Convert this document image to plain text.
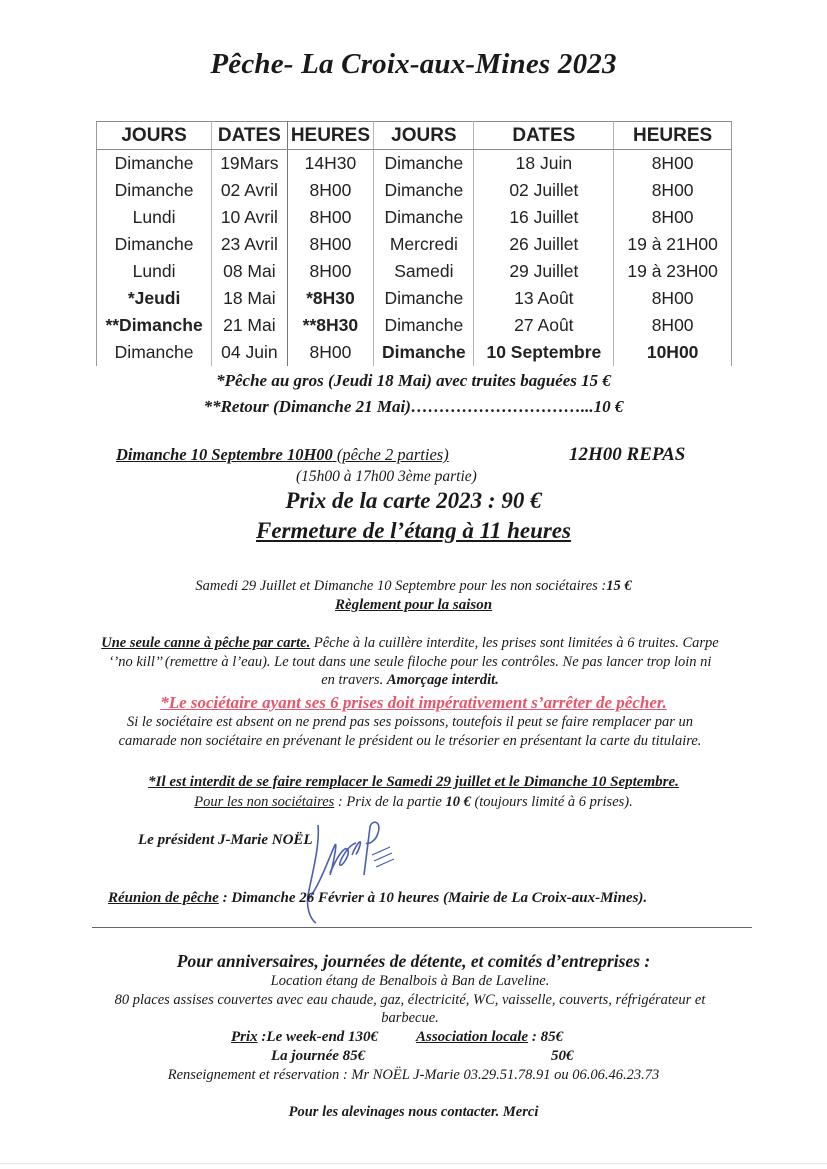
Pêche- La Croix-aux-Mines 2023
JOURS	DATES	HEURES	JOURS	DATES	HEURES
Dimanche	19Mars	14H30	Dimanche	18 Juin	8H00
Dimanche	02 Avril	8H00	Dimanche	02 Juillet	8H00
Lundi	10 Avril	8H00	Dimanche	16 Juillet	8H00
Dimanche	23 Avril	8H00	Mercredi	26 Juillet	19 à 21H00
Lundi	08 Mai	8H00	Samedi	29 Juillet	19 à 23H00
*Jeudi	18 Mai	*8H30	Dimanche	13 Août	8H00
**Dimanche	21 Mai	**8H30	Dimanche	27 Août	8H00
Dimanche	04 Juin	8H00	Dimanche	10 Septembre	10H00
*Pêche au gros (Jeudi 18 Mai) avec truites baguées 15 €
**Retour (Dimanche 21 Mai)…………………………...10 €
Dimanche 10 Septembre 10H00 (pêche 2 parties)	12H00 REPAS
(15h00 à 17h00 3ème partie)
Prix de la carte 2023 : 90 €
Fermeture de l’étang à 11 heures
Samedi 29 Juillet et Dimanche 10 Septembre pour les non sociétaires :15 €
Règlement pour la saison
Une seule canne à pêche par carte. Pêche à la cuillère interdite, les prises sont limitées à 6 truites. Carpe ‘’no kill’’ (remettre à l’eau). Le tout dans une seule filoche pour les contrôles. Ne pas lancer trop loin ni en travers. Amorçage interdit.
*Le sociétaire ayant ses 6 prises doit impérativement s’arrêter de pêcher.
Si le sociétaire est absent on ne prend pas ses poissons, toutefois il peut se faire remplacer par un camarade non sociétaire en prévenant le président ou le trésorier en présentant la carte du titulaire.
*Il est interdit de se faire remplacer le Samedi 29 juillet et le Dimanche 10 Septembre.
Pour les non sociétaires : Prix de la partie 10 € (toujours limité à 6 prises).
Le président J-Marie NOËL
Réunion de pêche : Dimanche 26 Février à 10 heures (Mairie de La Croix-aux-Mines).
Pour anniversaires, journées de détente, et comités d’entreprises :
Location étang de Benalbois à Ban de Laveline.
80 places assises couvertes avec eau chaude, gaz, électricité, WC, vaisselle, couverts, réfrigérateur et barbecue.
Prix :Le week-end 130€	Association locale : 85€
La journée 85€	50€
Renseignement et réservation : Mr NOËL J-Marie 03.29.51.78.91 ou 06.06.46.23.73
Pour les alevinages nous contacter. Merci
